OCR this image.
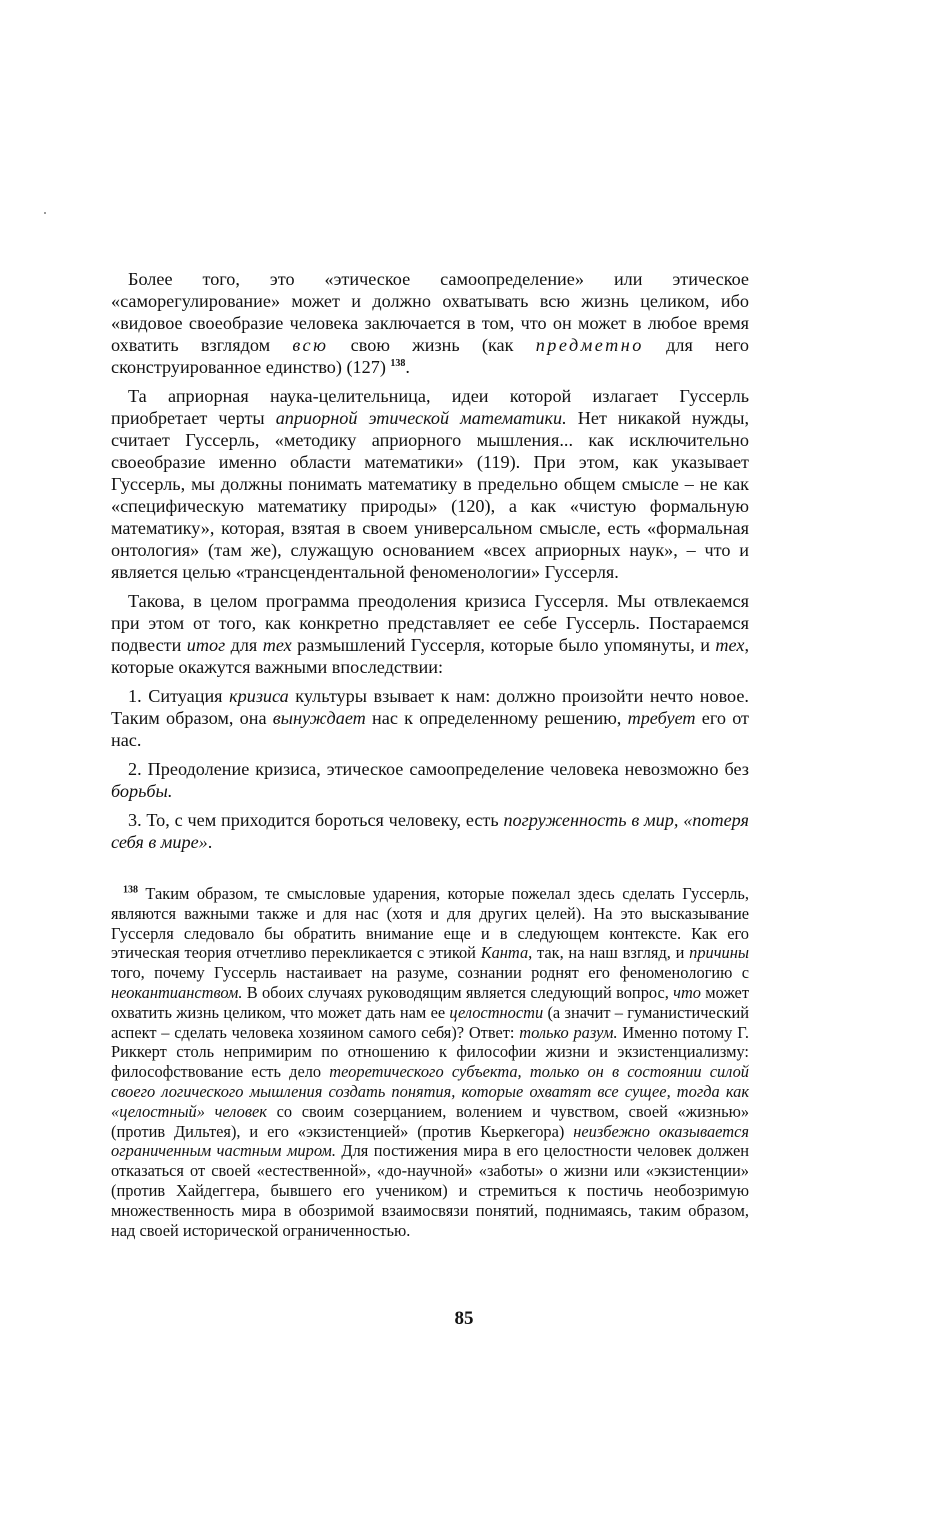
Более того, это «этическое самоопределение» или этическое «саморегулирование» может и должно охватывать всю жизнь целиком, ибо «видовое своеобразие человека заключается в том, что он может в любое время охватить взглядом всю свою жизнь (как предметно для него сконструированное единство) (127) $^{138}$.

Та априорная наука-целительница, идеи которой излагает Гуссерль приобретает черты априорной этической математики. Нет никакой нужды, считает Гуссерль, «методику априорного мышления... как исключительно своеобразие именно области математики» (119). При этом, как указывает Гуссерль, мы должны понимать математику в предельно общем смысле – не как «специфическую математику природы» (120), а как «чистую формальную математику», которая, взятая в своем универсальном смысле, есть «формальная онтология» (там же), служащую основанием «всех априорных наук», – что и является целью «трансцендентальной феноменологии» Гуссерля.

Такова, в целом программа преодоления кризиса Гуссерля. Мы отвлекаемся при этом от того, как конкретно представляет ее себе Гуссерль. Постараемся подвести итог для тех размышлений Гуссерля, которые было упомянуты, и тех, которые окажутся важными впоследствии:

1. Ситуация кризиса культуры взывает к нам: должно произойти нечто новое. Таким образом, она вынуждает нас к определенному решению, требует его от нас.

2. Преодоление кризиса, этическое самоопределение человека невозможно без борьбы.

3. То, с чем приходится бороться человеку, есть погруженность в мир, «потеря себя в мире».

$^{138}$ Таким образом, те смысловые ударения, которые пожелал здесь сделать Гуссерль, являются важными также и для нас (хотя и для других целей). На это высказывание Гуссерля следовало бы обратить внимание еще и в следующем контексте. Как его этическая теория отчетливо перекликается с этикой Канта, так, на наш взгляд, и причины того, почему Гуссерль настаивает на разуме, сознании роднят его феноменологию с неокантианством. В обоих случаях руководящим является следующий вопрос, что может охватить жизнь целиком, что может дать нам ее целостности (а значит – гуманистический аспект – сделать человека хозяином самого себя)? Ответ: только разум. Именно потому Г. Риккерт столь непримирим по отношению к философии жизни и экзистенциализму: философствование есть дело теоретического субъекта, только он в состоянии силой своего логического мышления создать понятия, которые охватят все сущее, тогда как «целостный» человек со своим созерцанием, волением и чувством, своей «жизнью» (против Дильтея), и его «экзистенцией» (против Кьеркегора) неизбежно оказывается ограниченным частным миром. Для постижения мира в его целостности человек должен отказаться от своей «естественной», «до-научной» «заботы» о жизни или «экзистенции» (против Хайдеггера, бывшего его учеником) и стремиться к постичь необозримую множественность мира в обозримой взаимосвязи понятий, поднимаясь, таким образом, над своей исторической ограниченностью.

85
